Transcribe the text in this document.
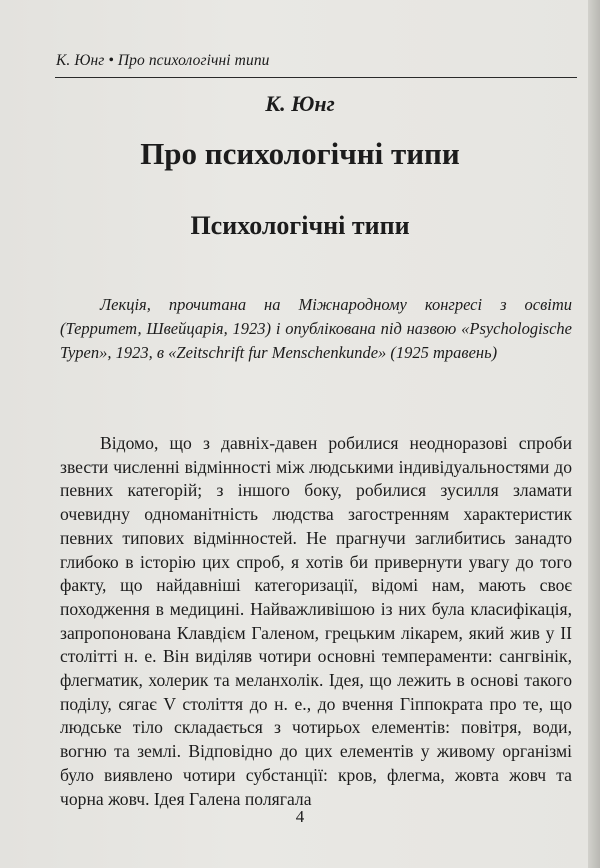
К. Юнг • Про психологічні типи
К. Юнг
Про психологічні типи
Психологічні типи
Лекція, прочитана на Міжнародному конгресі з освіти (Территет, Швейцарія, 1923) і опублікована під назвою «Psychologische Typen», 1923, в «Zeitschrift fur Menschenkunde» (1925 травень)
Відомо, що з давніх-давен робилися неодноразові спроби звести численні відмінності між людськими індивідуальностями до певних категорій; з іншого боку, робилися зусилля зламати очевидну одноманітність людства загостренням характеристик певних типових відмінностей. Не прагнучи заглибитись занадто глибоко в історію цих спроб, я хотів би привернути увагу до того факту, що найдавніші категоризації, відомі нам, мають своє походження в медицині. Найважливішою із них була класифікація, запропонована Клавдієм Галеном, грецьким лікарем, який жив у II столітті н. е. Він виділяв чотири основні темпераменти: сангвінік, флегматик, холерик та меланхолік. Ідея, що лежить в основі такого поділу, сягає V століття до н. е., до вчення Гіппократа про те, що людське тіло складається з чотирьох елементів: повітря, води, вогню та землі. Відповідно до цих елементів у живому організмі було виявлено чотири субстанції: кров, флегма, жовта жовч та чорна жовч. Ідея Галена полягала
4
